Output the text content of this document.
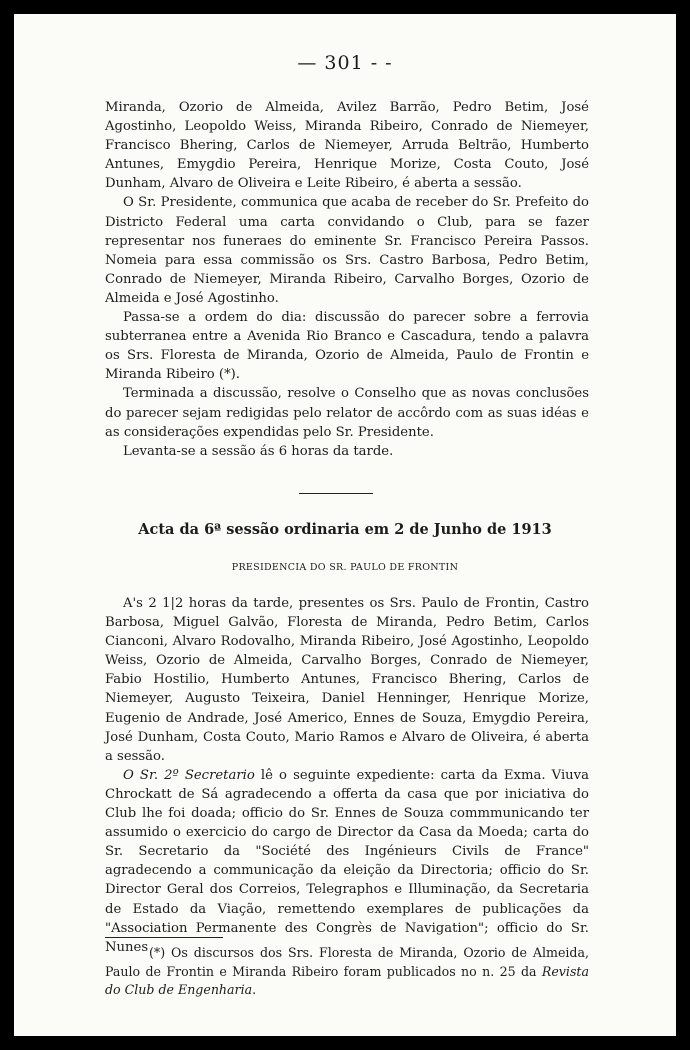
— 301 - -

Miranda, Ozorio de Almeida, Avilez Barrão, Pedro Betim, José Agostinho, Leopoldo Weiss, Miranda Ribeiro, Conrado de Niemeyer, Francisco Bhering, Carlos de Niemeyer, Arruda Beltrão, Humberto Antunes, Emygdio Pereira, Henrique Morize, Costa Couto, José Dunham, Alvaro de Oliveira e Leite Ribeiro, é aberta a sessão.

O Sr. Presidente, communica que acaba de receber do Sr. Prefeito do Districto Federal uma carta convidando o Club, para se fazer representar nos funeraes do eminente Sr. Francisco Pereira Passos. Nomeia para essa commissão os Srs. Castro Barbosa, Pedro Betim, Conrado de Niemeyer, Miranda Ribeiro, Carvalho Borges, Ozorio de Almeida e José Agostinho.

Passa-se a ordem do dia: discussão do parecer sobre a ferrovia subterranea entre a Avenida Rio Branco e Cascadura, tendo a palavra os Srs. Floresta de Miranda, Ozorio de Almeida, Paulo de Frontin e Miranda Ribeiro (*).

Terminada a discussão, resolve o Conselho que as novas conclusões do parecer sejam redigidas pelo relator de accôrdo com as suas idéas e as considerações expendidas pelo Sr. Presidente.

Levanta-se a sessão ás 6 horas da tarde.

Acta da 6ª sessão ordinaria em 2 de Junho de 1913
PRESIDENCIA DO SR. PAULO DE FRONTIN

A's 2 1|2 horas da tarde, presentes os Srs. Paulo de Frontin, Castro Barbosa, Miguel Galvão, Floresta de Miranda, Pedro Betim, Carlos Cianconi, Alvaro Rodovalho, Miranda Ribeiro, José Agostinho, Leopoldo Weiss, Ozorio de Almeida, Carvalho Borges, Conrado de Niemeyer, Fabio Hostilio, Humberto Antunes, Francisco Bhering, Carlos de Niemeyer, Augusto Teixeira, Daniel Henninger, Henrique Morize, Eugenio de Andrade, José Americo, Ennes de Souza, Emygdio Pereira, José Dunham, Costa Couto, Mario Ramos e Alvaro de Oliveira, é aberta a sessão.

O Sr. 2º Secretario lê o seguinte expediente: carta da Exma. Viuva Chrockatt de Sá agradecendo a offerta da casa que por iniciativa do Club lhe foi doada; officio do Sr. Ennes de Souza commmunicando ter assumido o exercicio do cargo de Director da Casa da Moeda; carta do Sr. Secretario da "Société des Ingénieurs Civils de France" agradecendo a communicação da eleição da Directoria; officio do Sr. Director Geral dos Correios, Telegraphos e Illuminação, da Secretaria de Estado da Viação, remettendo exemplares de publicações da "Association Permanente des Congrès de Navigation"; officio do Sr. Nunes (*) Os discursos dos Srs. Floresta de Miranda, Ozorio de Almeida, Paulo de Frontin e Miranda Ribeiro foram publicados no n. 25 da Revista do Club de Engenharia.
